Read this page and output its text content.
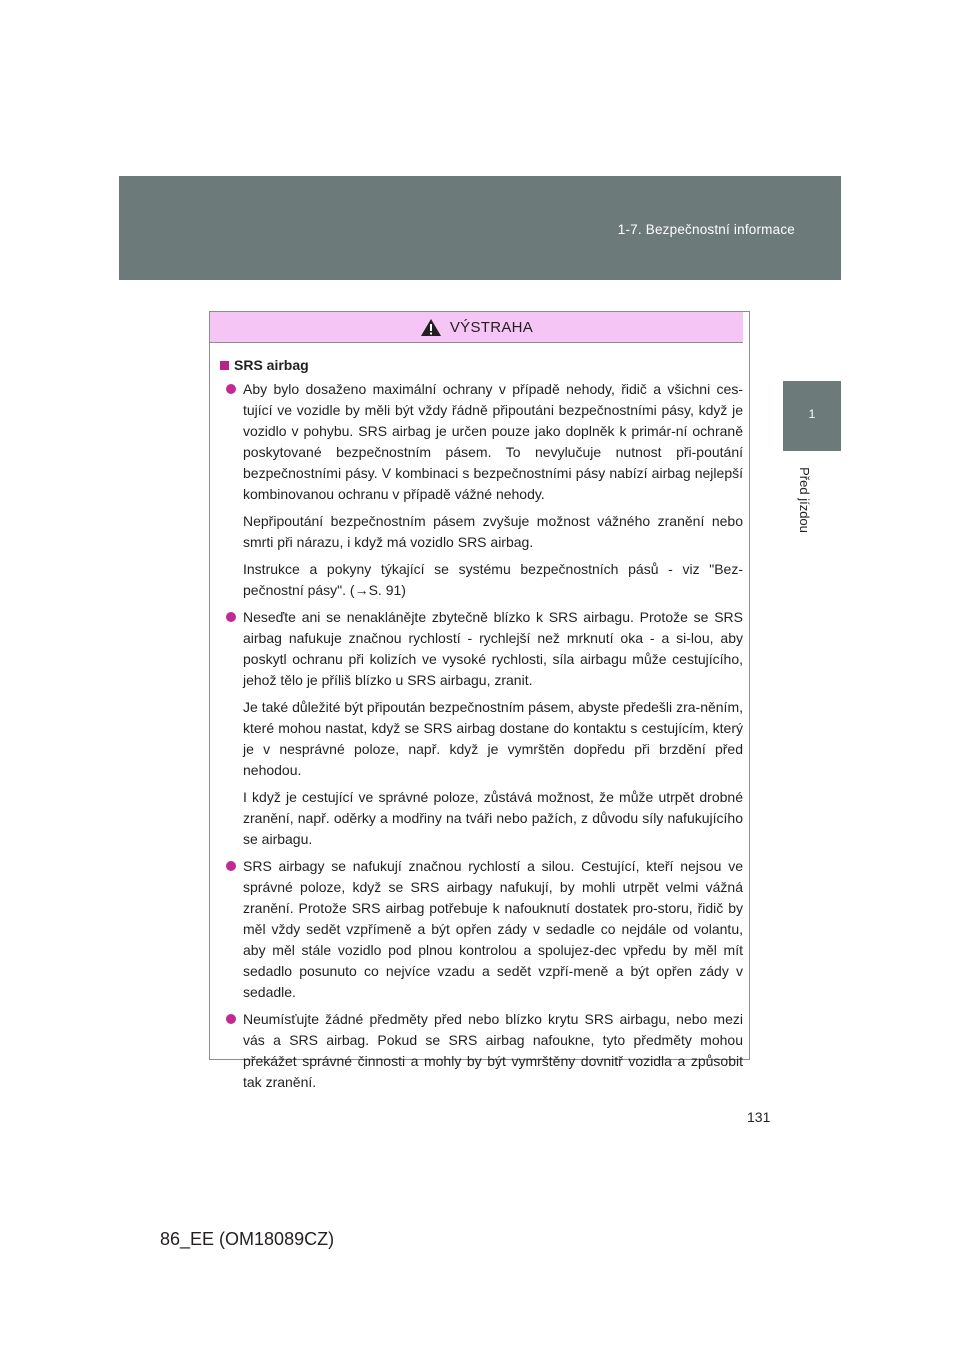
1-7. Bezpečnostní informace
1
Před jízdou
VÝSTRAHA
SRS airbag

Aby bylo dosaženo maximální ochrany v případě nehody, řidič a všichni ces-tující ve vozidle by měli být vždy řádně připoutáni bezpečnostními pásy, když je vozidlo v pohybu. SRS airbag je určen pouze jako doplněk k primár-ní ochraně poskytované bezpečnostním pásem. To nevylučuje nutnost při-poutání bezpečnostními pásy. V kombinaci s bezpečnostními pásy nabízí airbag nejlepší kombinovanou ochranu v případě vážné nehody.

Nepřipoutání bezpečnostním pásem zvyšuje možnost vážného zranění nebo smrti při nárazu, i když má vozidlo SRS airbag.

Instrukce a pokyny týkající se systému bezpečnostních pásů - viz "Bez-pečnostní pásy". (→S. 91)

Neseďte ani se nenaklánějte zbytečně blízko k SRS airbagu. Protože se SRS airbag nafukuje značnou rychlostí - rychlejší než mrknutí oka - a si-lou, aby poskytl ochranu při kolizích ve vysoké rychlosti, síla airbagu může cestujícího, jehož tělo je příliš blízko u SRS airbagu, zranit.

Je také důležité být připoután bezpečnostním pásem, abyste předešli zra-něním, které mohou nastat, když se SRS airbag dostane do kontaktu s cestujícím, který je v nesprávné poloze, např. když je vymrštěn dopředu při brzdění před nehodou.

I když je cestující ve správné poloze, zůstává možnost, že může utrpět drobné zranění, např. oděrky a modřiny na tváři nebo pažích, z důvodu síly nafukujícího se airbagu.

SRS airbagy se nafukují značnou rychlostí a silou. Cestující, kteří nejsou ve správné poloze, když se SRS airbagy nafukují, by mohli utrpět velmi vážná zranění. Protože SRS airbag potřebuje k nafouknutí dostatek pro-storu, řidič by měl vždy sedět vzpřímeně a být opřen zády v sedadle co nejdále od volantu, aby měl stále vozidlo pod plnou kontrolou a spolujez-dec vpředu by měl mít sedadlo posunuto co nejvíce vzadu a sedět vzpří-meně a být opřen zády v sedadle.

Neumísťujte žádné předměty před nebo blízko krytu SRS airbagu, nebo mezi vás a SRS airbag. Pokud se SRS airbag nafoukne, tyto předměty mohou překážet správné činnosti a mohly by být vymrštěny dovnitř vozidla a způsobit tak zranění.

131
86_EE (OM18089CZ)
